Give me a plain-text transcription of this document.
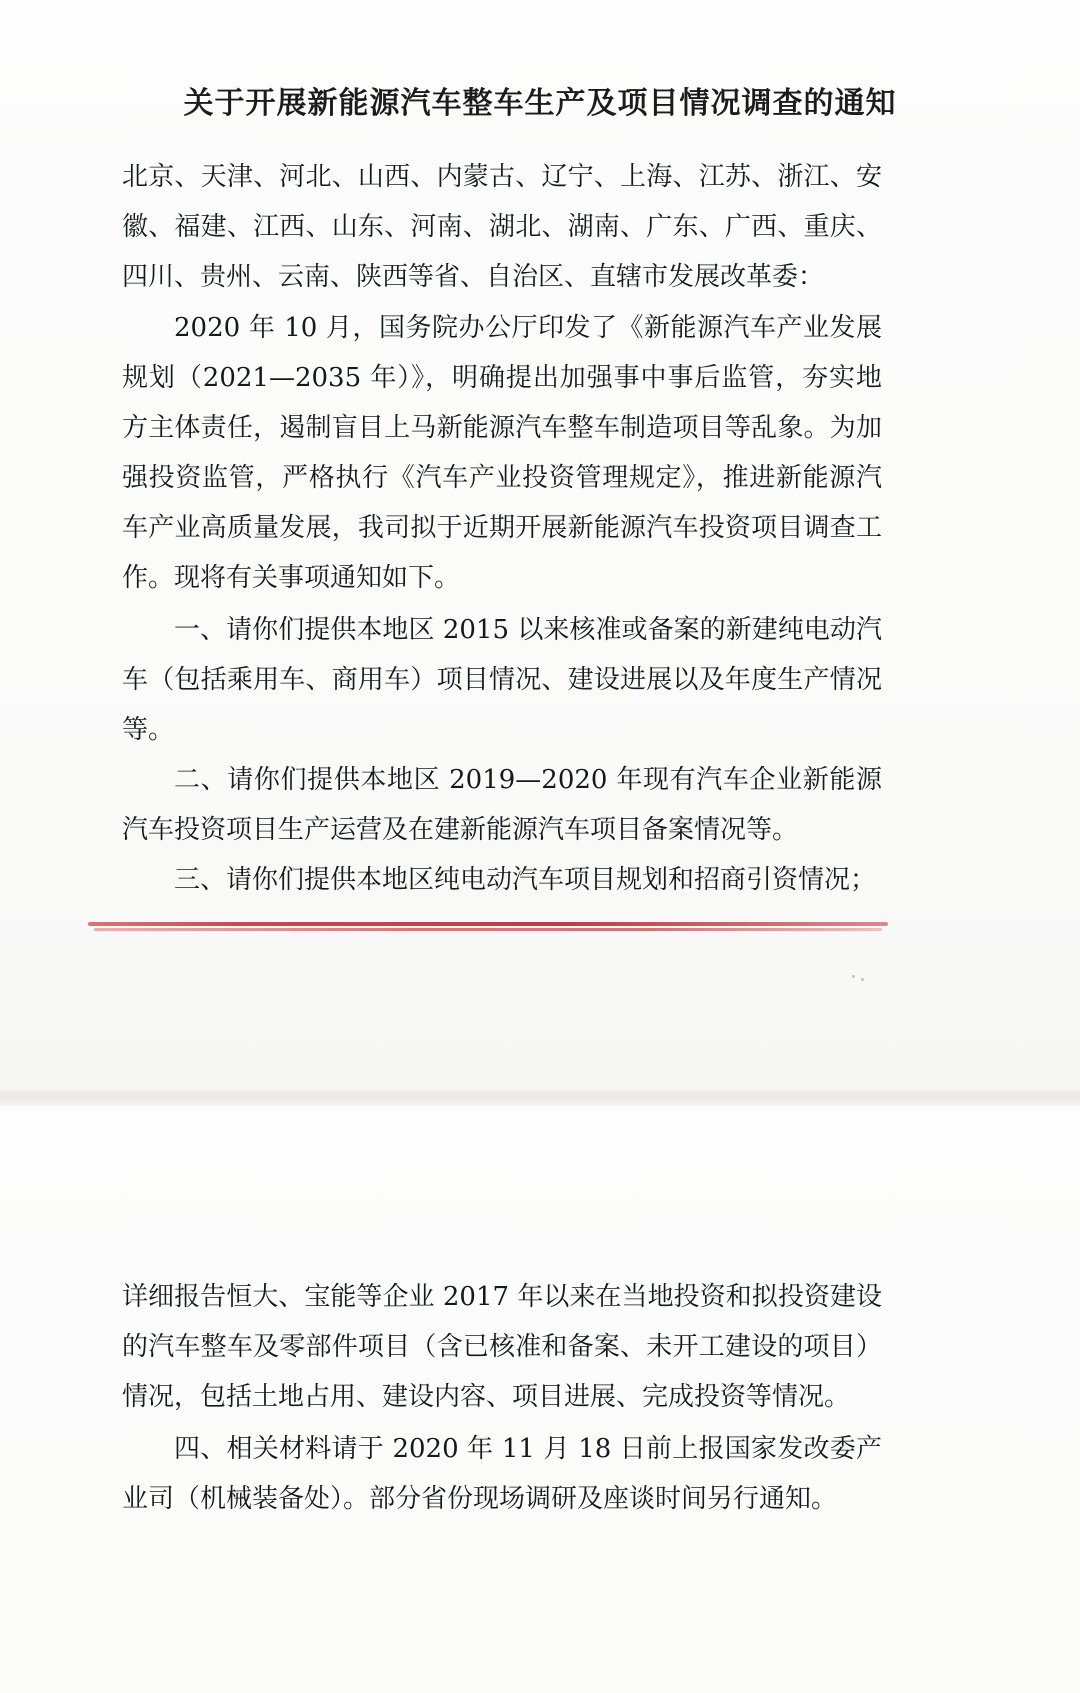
关于开展新能源汽车整车生产及项目情况调查的通知

北京、天津、河北、山西、内蒙古、辽宁、上海、江苏、浙江、安徽、福建、江西、山东、河南、湖北、湖南、广东、广西、重庆、四川、贵州、云南、陕西等省、自治区、直辖市发展改革委：

2020 年 10 月，国务院办公厅印发了《新能源汽车产业发展规划（2021—2035 年）》，明确提出加强事中事后监管，夯实地方主体责任，遏制盲目上马新能源汽车整车制造项目等乱象。为加强投资监管，严格执行《汽车产业投资管理规定》，推进新能源汽车产业高质量发展，我司拟于近期开展新能源汽车投资项目调查工作。现将有关事项通知如下。

一、请你们提供本地区 2015 以来核准或备案的新建纯电动汽车（包括乘用车、商用车）项目情况、建设进展以及年度生产情况等。

二、请你们提供本地区 2019—2020 年现有汽车企业新能源汽车投资项目生产运营及在建新能源汽车项目备案情况等。

三、请你们提供本地区纯电动汽车项目规划和招商引资情况；

详细报告恒大、宝能等企业 2017 年以来在当地投资和拟投资建设的汽车整车及零部件项目（含已核准和备案、未开工建设的项目）情况，包括土地占用、建设内容、项目进展、完成投资等情况。

四、相关材料请于 2020 年 11 月 18 日前上报国家发改委产业司（机械装备处）。部分省份现场调研及座谈时间另行通知。
